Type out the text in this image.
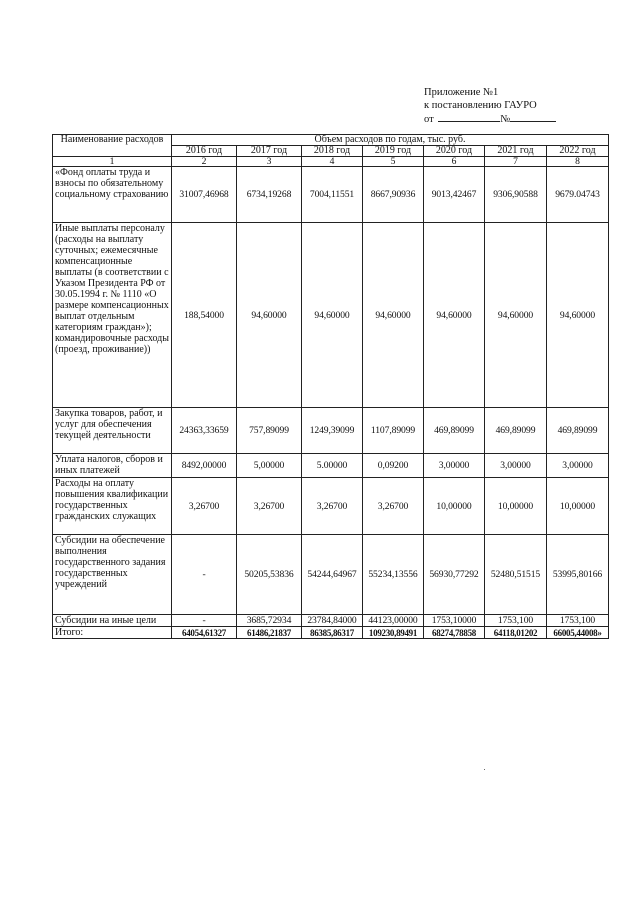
Приложение №1
к постановлению ГАУРО
от	№
Наименование расходов	Объем расходов по годам, тыс. руб.						
	2016 год	2017 год	2018 год	2019 год	2020 год	2021 год	2022 год
1	2	3	4	5	6	7	8
«Фонд оплаты труда и взносы по обязательному социальному страхованию	31007,46968	6734,19268	7004,11551	8667,90936	9013,42467	9306,90588	9679.04743
Иные выплаты персоналу (расходы на выплату суточных; ежемесячные компенсационные выплаты (в соответствии с Указом Президента РФ от 30.05.1994 г. № 1110 «О размере компенсационных выплат отдельным категориям граждан»); командировочные расходы (проезд, проживание))	188,54000	94,60000	94,60000	94,60000	94,60000	94,60000	94,60000
Закупка товаров, работ, и услуг для обеспечения текущей деятельности	24363,33659	757,89099	1249,39099	1107,89099	469,89099	469,89099	469,89099
Уплата налогов, сборов и иных платежей	8492,00000	5,00000	5.00000	0,09200	3,00000	3,00000	3,00000
Расходы на оплату повышения квалификации государственных гражданских служащих	3,26700	3,26700	3,26700	3,26700	10,00000	10,00000	10,00000
Субсидии на обеспечение выполнения государственного задания государственных учреждений	-	50205,53836	54244,64967	55234,13556	56930,77292	52480,51515	53995,80166
Субсидии на иные цели	-	3685,72934	23784,84000	44123,00000	1753,10000	1753,100	1753,100
Итого:	64054,61327	61486,21837	86385,86317	109230,89491	68274,78858	64118,01202	66005,44008»
